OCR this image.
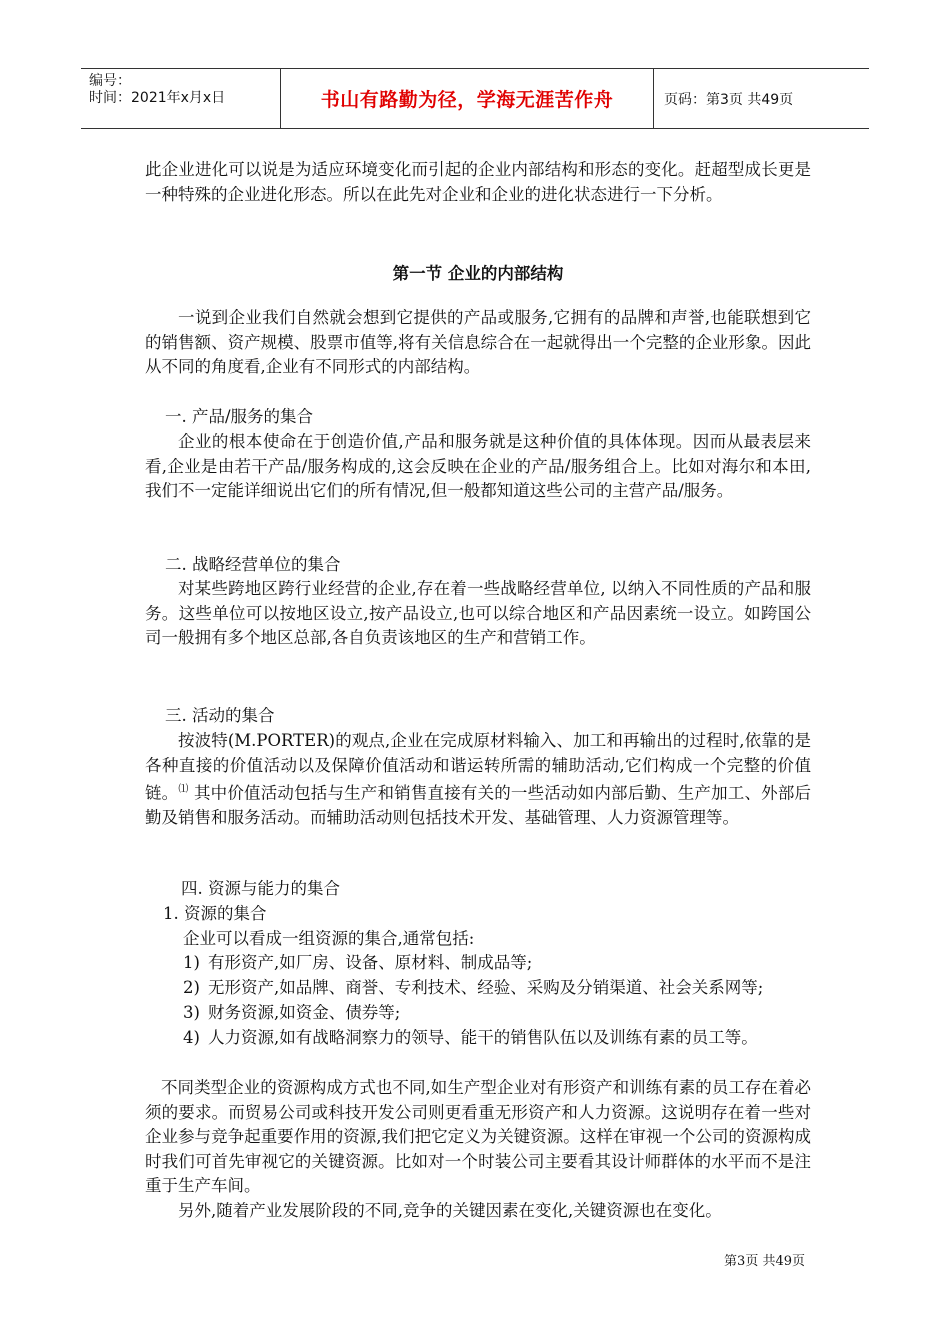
编号：
时间：2021年x月x日	书山有路勤为径，学海无涯苦作舟	页码：第3页 共49页

此企业进化可以说是为适应环境变化而引起的企业内部结构和形态的变化。赶超型成长更是一种特殊的企业进化形态。所以在此先对企业和企业的进化状态进行一下分析。

第一节 企业的内部结构

一说到企业我们自然就会想到它提供的产品或服务,它拥有的品牌和声誉,也能联想到它的销售额、资产规模、股票市值等,将有关信息综合在一起就得出一个完整的企业形象。因此从不同的角度看,企业有不同形式的内部结构。

一. 产品/服务的集合

企业的根本使命在于创造价值,产品和服务就是这种价值的具体体现。因而从最表层来看,企业是由若干产品/服务构成的,这会反映在企业的产品/服务组合上。比如对海尔和本田,我们不一定能详细说出它们的所有情况,但一般都知道这些公司的主营产品/服务。

二. 战略经营单位的集合

对某些跨地区跨行业经营的企业,存在着一些战略经营单位, 以纳入不同性质的产品和服务。这些单位可以按地区设立,按产品设立,也可以综合地区和产品因素统一设立。如跨国公司一般拥有多个地区总部,各自负责该地区的生产和营销工作。

三. 活动的集合

按波特(M.PORTER)的观点,企业在完成原材料输入、加工和再输出的过程时,依靠的是各种直接的价值活动以及保障价值活动和谐运转所需的辅助活动,它们构成一个完整的价值链。⑴ 其中价值活动包括与生产和销售直接有关的一些活动如内部后勤、生产加工、外部后勤及销售和服务活动。而辅助活动则包括技术开发、基础管理、人力资源管理等。

四. 资源与能力的集合

1. 资源的集合

企业可以看成一组资源的集合,通常包括:

1) 有形资产,如厂房、设备、原材料、制成品等;
2) 无形资产,如品牌、商誉、专利技术、经验、采购及分销渠道、社会关系网等;
3) 财务资源,如资金、债券等;
4) 人力资源,如有战略洞察力的领导、能干的销售队伍以及训练有素的员工等。

不同类型企业的资源构成方式也不同,如生产型企业对有形资产和训练有素的员工存在着必须的要求。而贸易公司或科技开发公司则更看重无形资产和人力资源。这说明存在着一些对企业参与竞争起重要作用的资源,我们把它定义为关键资源。这样在审视一个公司的资源构成时我们可首先审视它的关键资源。比如对一个时装公司主要看其设计师群体的水平而不是注重于生产车间。

另外,随着产业发展阶段的不同,竞争的关键因素在变化,关键资源也在变化。

第3页 共49页
